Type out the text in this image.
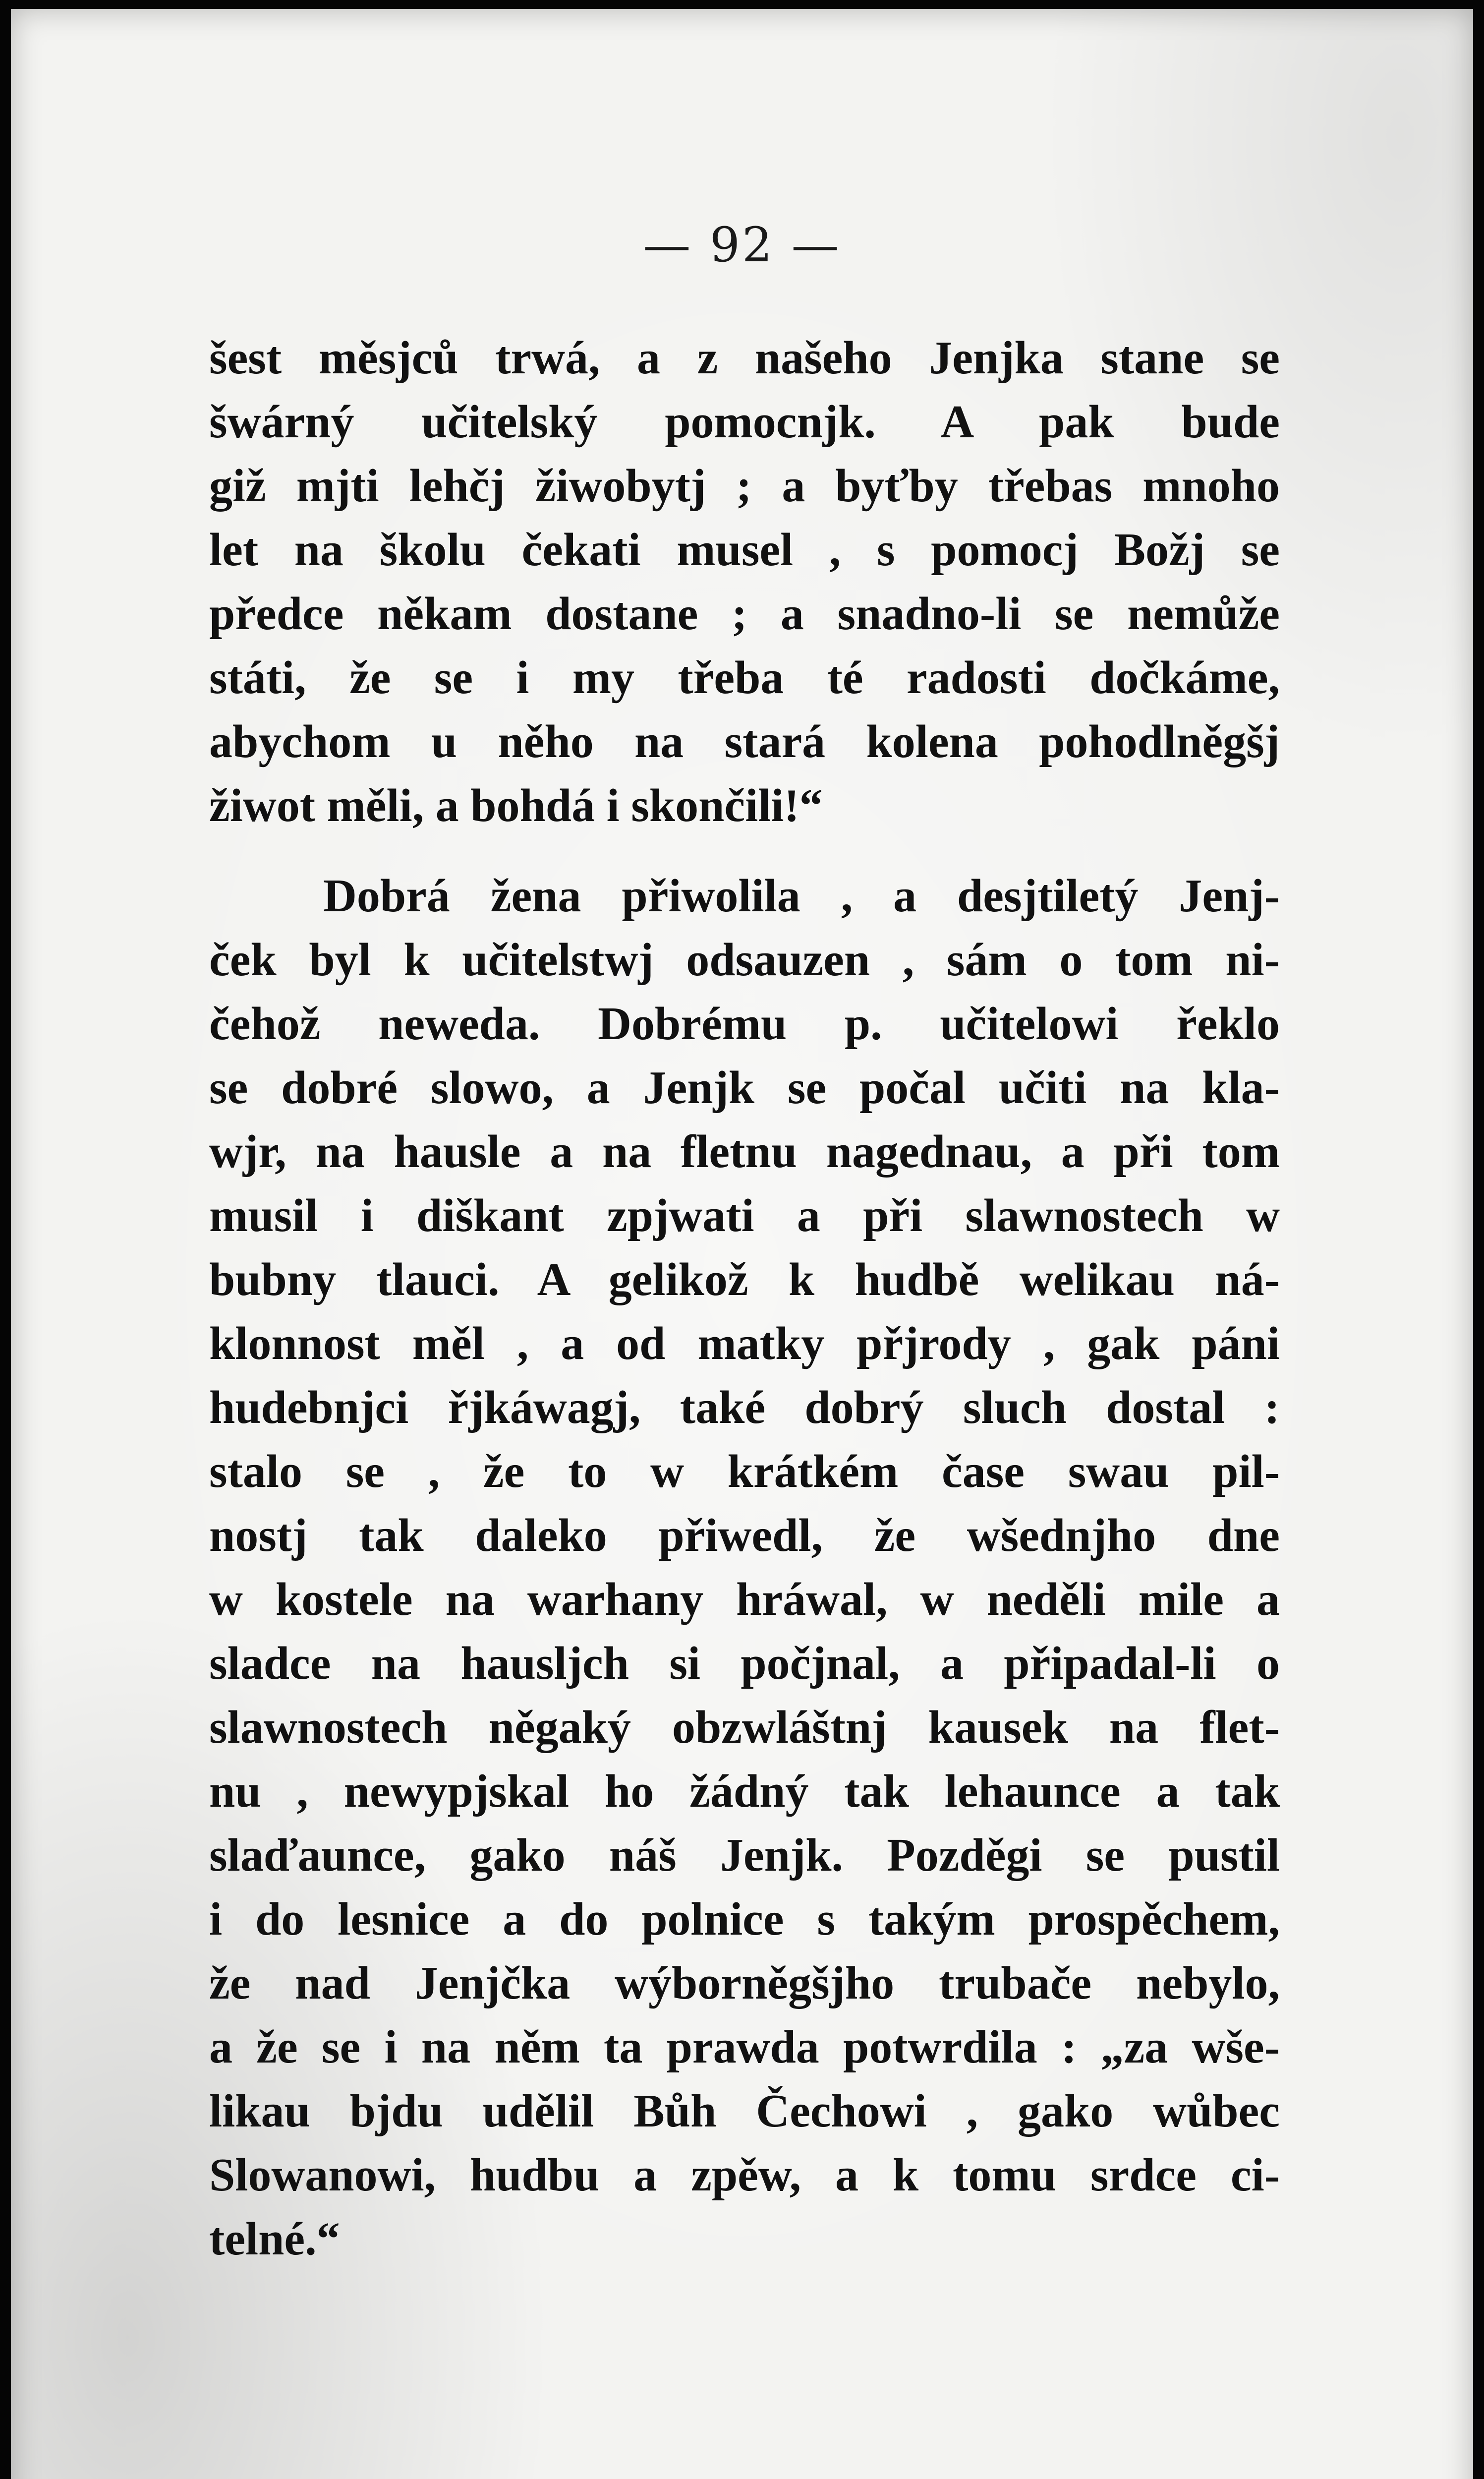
— 92 —
šest měsjců trwá, a z našeho Jenjka stane se
šwárný učitelský pomocnjk. A pak bude
giž mjti lehčj žiwobytj ; a byťby třebas mnoho
let na školu čekati musel , s pomocj Božj se
předce někam dostane ; a snadno-li se nemůže
státi, že se i my třeba té radosti dočkáme,
abychom u něho na stará kolena pohodlněgšj
žiwot měli, a bohdá i skončili!“
Dobrá žena přiwolila , a desjtiletý Jenj-
ček byl k učitelstwj odsauzen , sám o tom ni-
čehož neweda. Dobrému p. učitelowi řeklo
se dobré slowo, a Jenjk se počal učiti na kla-
wjr, na hausle a na fletnu nagednau, a při tom
musil i diškant zpjwati a při slawnostech w
bubny tlauci. A gelikož k hudbě welikau ná-
klonnost měl , a od matky přjrody , gak páni
hudebnjci řjkáwagj, také dobrý sluch dostal :
stalo se , že to w krátkém čase swau pil-
nostj tak daleko přiwedl, že wšednjho dne
w kostele na warhany hráwal, w neděli mile a
sladce na hausljch si počjnal, a připadal-li o
slawnostech něgaký obzwláštnj kausek na flet-
nu , newypjskal ho žádný tak lehaunce a tak
slaďaunce, gako náš Jenjk. Pozděgi se pustil
i do lesnice a do polnice s takým prospěchem,
že nad Jenjčka wýborněgšjho trubače nebylo,
a že se i na něm ta prawda potwrdila : „za wše-
likau bjdu udělil Bůh Čechowi , gako wůbec
Slowanowi, hudbu a zpěw, a k tomu srdce ci-
telné.“
